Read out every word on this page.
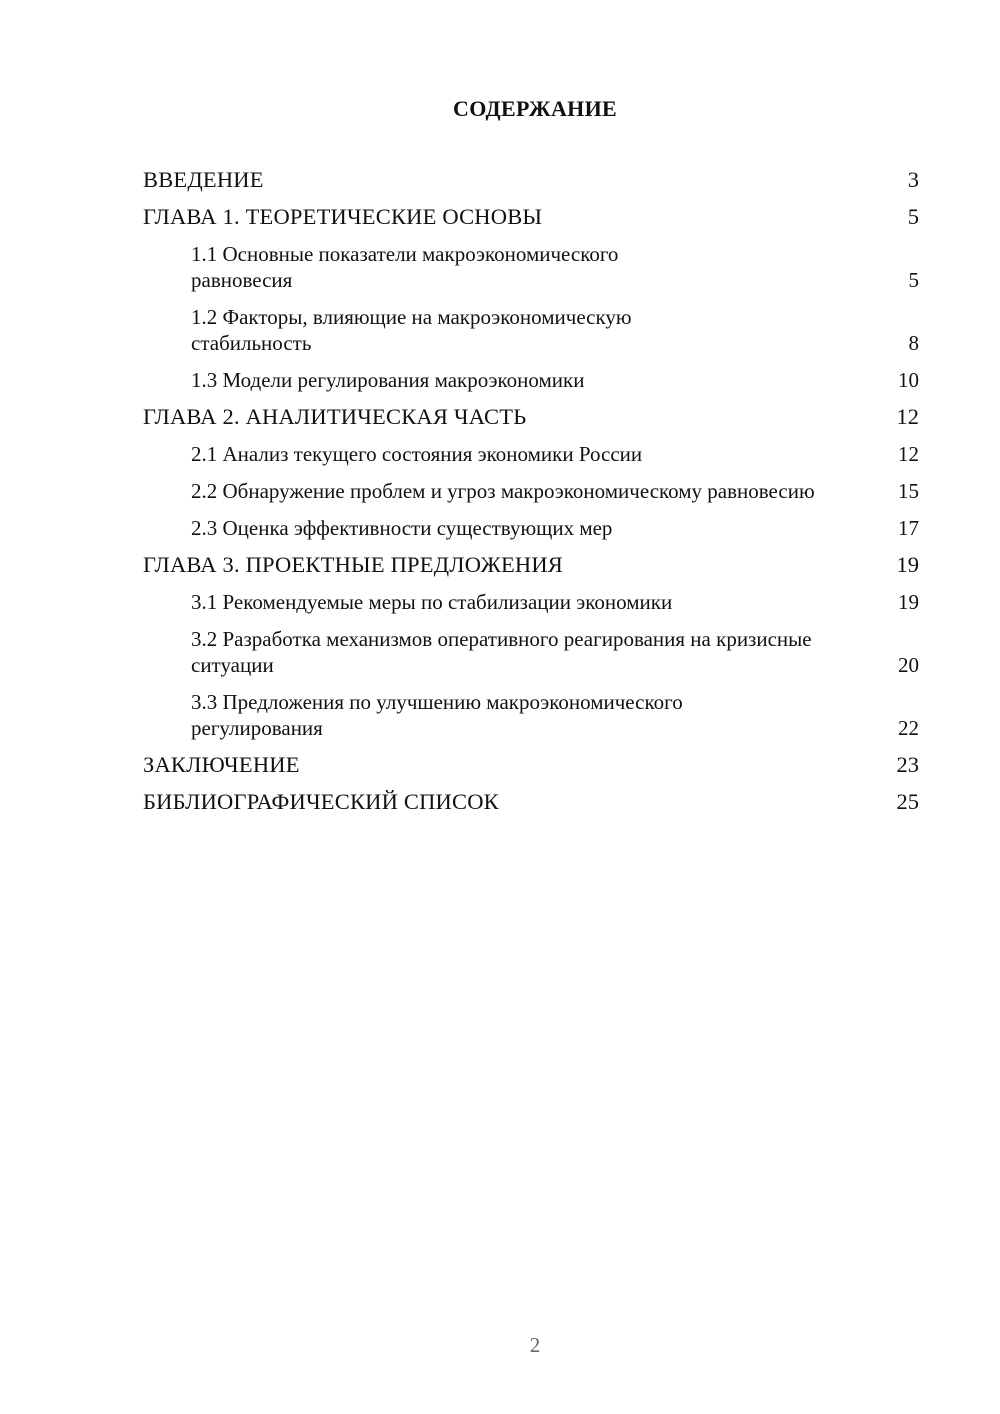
СОДЕРЖАНИЕ
ВВЕДЕНИЕ	3
ГЛАВА 1. ТЕОРЕТИЧЕСКИЕ ОСНОВЫ	5
1.1 Основные показатели макроэкономического равновесия	5
1.2 Факторы, влияющие на макроэкономическую стабильность	8
1.3 Модели регулирования макроэкономики	10
ГЛАВА 2. АНАЛИТИЧЕСКАЯ ЧАСТЬ	12
2.1 Анализ текущего состояния экономики России	12
2.2 Обнаружение проблем и угроз макроэкономическому равновесию	15
2.3 Оценка эффективности существующих мер	17
ГЛАВА 3. ПРОЕКТНЫЕ ПРЕДЛОЖЕНИЯ	19
3.1 Рекомендуемые меры по стабилизации экономики	19
3.2 Разработка механизмов оперативного реагирования на кризисные ситуации	20
3.3 Предложения по улучшению макроэкономического регулирования	22
ЗАКЛЮЧЕНИЕ	23
БИБЛИОГРАФИЧЕСКИЙ СПИСОК	25
2
